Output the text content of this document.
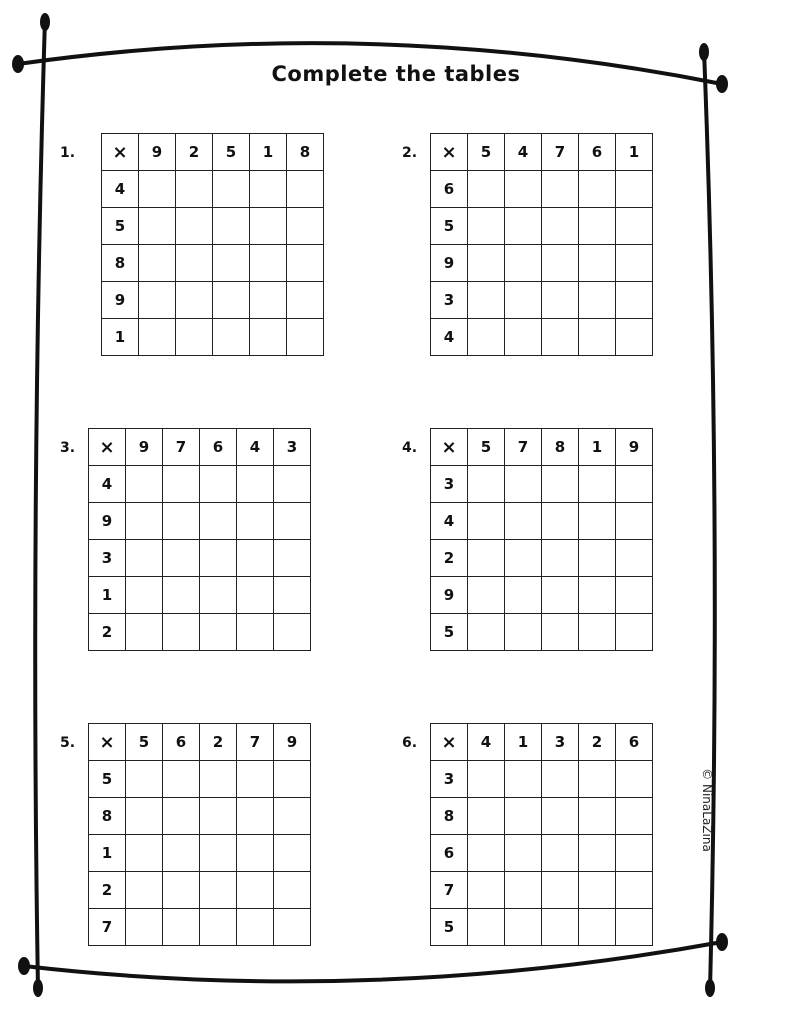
Complete the tables
1. ×	9	2	5	1	8
4					
5					
8					
9					
1					
2. ×	5	4	7	6	1
6					
5					
9					
3					
4					
3. ×	9	7	6	4	3
4					
9					
3					
1					
2					
4. ×	5	7	8	1	9
3					
4					
2					
9					
5					
5. ×	5	6	2	7	9
5					
8					
1					
2					
7					
6. ×	4	1	3	2	6
3					
8					
6					
7					
5					
© NinaLaZina
